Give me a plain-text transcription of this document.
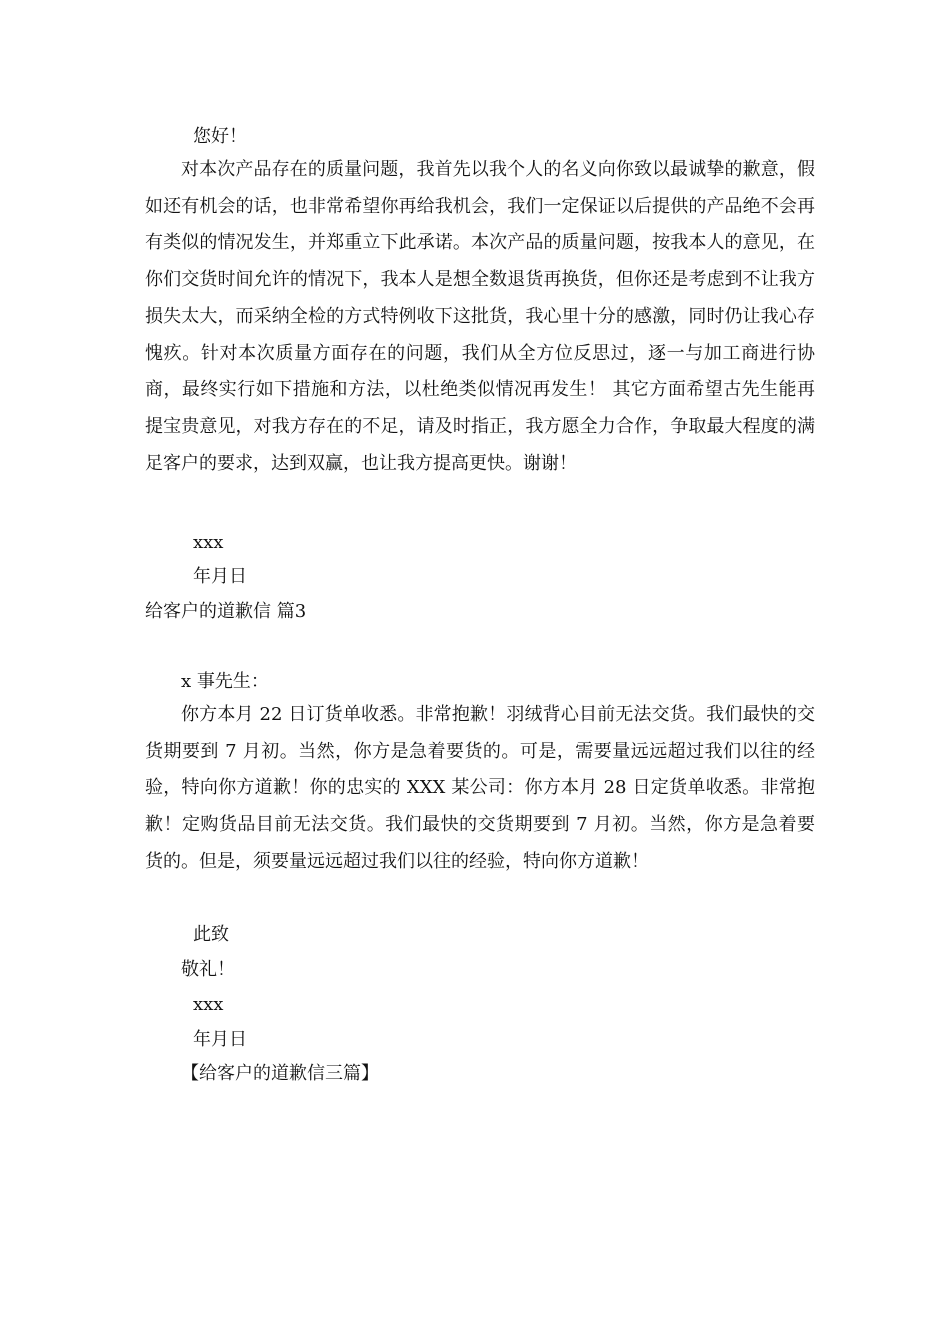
您好！

对本次产品存在的质量问题，我首先以我个人的名义向你致以最诚挚的歉意，假如还有机会的话，也非常希望你再给我机会，我们一定保证以后提供的产品绝不会再有类似的情况发生，并郑重立下此承诺。本次产品的质量问题，按我本人的意见，在你们交货时间允许的情况下，我本人是想全数退货再换货，但你还是考虑到不让我方损失太大，而采纳全检的方式特例收下这批货，我心里十分的感激，同时仍让我心存愧疚。针对本次质量方面存在的问题，我们从全方位反思过，逐一与加工商进行协商，最终实行如下措施和方法，以杜绝类似情况再发生！ 其它方面希望古先生能再提宝贵意见，对我方存在的不足，请及时指正，我方愿全力合作，争取最大程度的满足客户的要求，达到双赢，也让我方提高更快。谢谢！

xxx
年月日
给客户的道歉信 篇3
x 事先生：

你方本月 22 日订货单收悉。非常抱歉！羽绒背心目前无法交货。我们最快的交货期要到 7 月初。当然，你方是急着要货的。可是，需要量远远超过我们以往的经验，特向你方道歉！你的忠实的 XXX 某公司：你方本月 28 日定货单收悉。非常抱歉！定购货品目前无法交货。我们最快的交货期要到 7 月初。当然，你方是急着要货的。但是，须要量远远超过我们以往的经验，特向你方道歉！

此致
敬礼！
xxx
年月日
【给客户的道歉信三篇】
